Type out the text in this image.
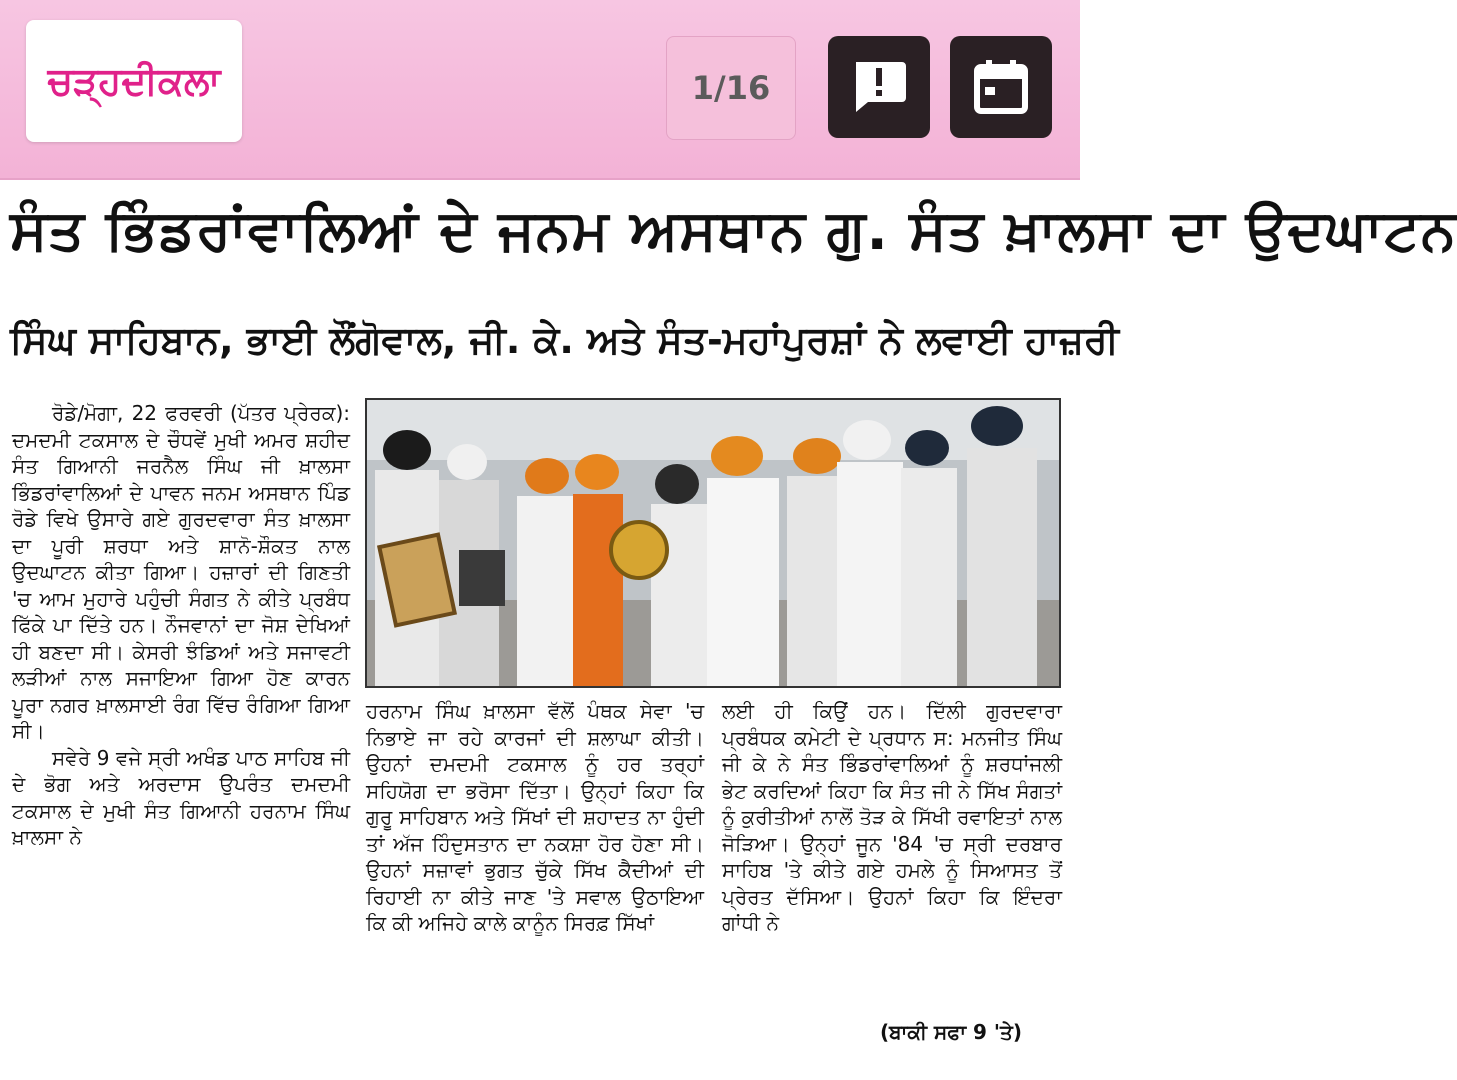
ਚੜ੍ਹਦੀਕਲਾ	1/16
ਸੰਤ ਭਿੰਡਰਾਂਵਾਲਿਆਂ ਦੇ ਜਨਮ ਅਸਥਾਨ ਗੁ. ਸੰਤ ਖ਼ਾਲਸਾ ਦਾ ਉਦਘਾਟਨ
ਸਿੰਘ ਸਾਹਿਬਾਨ, ਭਾਈ ਲੌਂਗੋਵਾਲ, ਜੀ. ਕੇ. ਅਤੇ ਸੰਤ-ਮਹਾਂਪੁਰਸ਼ਾਂ ਨੇ ਲਵਾਈ ਹਾਜ਼ਰੀ

ਰੋਡੇ/ਮੋਗਾ, 22 ਫਰਵਰੀ (ਪੱਤਰ ਪ੍ਰੇਰਕ): ਦਮਦਮੀ ਟਕਸਾਲ ਦੇ ਚੌਧਵੇਂ ਮੁਖੀ ਅਮਰ ਸ਼ਹੀਦ ਸੰਤ ਗਿਆਨੀ ਜਰਨੈਲ ਸਿੰਘ ਜੀ ਖ਼ਾਲਸਾ ਭਿੰਡਰਾਂਵਾਲਿਆਂ ਦੇ ਪਾਵਨ ਜਨਮ ਅਸਥਾਨ ਪਿੰਡ ਰੋਡੇ ਵਿਖੇ ਉਸਾਰੇ ਗਏ ਗੁਰਦਵਾਰਾ ਸੰਤ ਖ਼ਾਲਸਾ ਦਾ ਪੂਰੀ ਸ਼ਰਧਾ ਅਤੇ ਸ਼ਾਨੋ-ਸ਼ੌਕਤ ਨਾਲ ਉਦਘਾਟਨ ਕੀਤਾ ਗਿਆ। ਹਜ਼ਾਰਾਂ ਦੀ ਗਿਣਤੀ 'ਚ ਆਮ ਮੁਹਾਰੇ ਪਹੁੰਚੀ ਸੰਗਤ ਨੇ ਕੀਤੇ ਪ੍ਰਬੰਧ ਫਿੱਕੇ ਪਾ ਦਿੱਤੇ ਹਨ। ਨੌਜਵਾਨਾਂ ਦਾ ਜੋਸ਼ ਦੇਖਿਆਂ ਹੀ ਬਣਦਾ ਸੀ। ਕੇਸਰੀ ਝੰਡਿਆਂ ਅਤੇ ਸਜਾਵਟੀ ਲੜੀਆਂ ਨਾਲ ਸਜਾਇਆ ਗਿਆ ਹੋਣ ਕਾਰਨ ਪੂਰਾ ਨਗਰ ਖ਼ਾਲਸਾਈ ਰੰਗ ਵਿੱਚ ਰੰਗਿਆ ਗਿਆ ਸੀ।

ਸਵੇਰੇ 9 ਵਜੇ ਸ੍ਰੀ ਅਖੰਡ ਪਾਠ ਸਾਹਿਬ ਜੀ ਦੇ ਭੋਗ ਅਤੇ ਅਰਦਾਸ ਉਪਰੰਤ ਦਮਦਮੀ ਟਕਸਾਲ ਦੇ ਮੁਖੀ ਸੰਤ ਗਿਆਨੀ ਹਰਨਾਮ ਸਿੰਘ ਖ਼ਾਲਸਾ ਨੇ

ਹਰਨਾਮ ਸਿੰਘ ਖ਼ਾਲਸਾ ਵੱਲੋਂ ਪੰਥਕ ਸੇਵਾ 'ਚ ਨਿਭਾਏ ਜਾ ਰਹੇ ਕਾਰਜਾਂ ਦੀ ਸ਼ਲਾਘਾ ਕੀਤੀ। ਉਹਨਾਂ ਦਮਦਮੀ ਟਕਸਾਲ ਨੂੰ ਹਰ ਤਰ੍ਹਾਂ ਸਹਿਯੋਗ ਦਾ ਭਰੋਸਾ ਦਿੱਤਾ। ਉਨ੍ਹਾਂ ਕਿਹਾ ਕਿ ਗੁਰੂ ਸਾਹਿਬਾਨ ਅਤੇ ਸਿੱਖਾਂ ਦੀ ਸ਼ਹਾਦਤ ਨਾ ਹੁੰਦੀ ਤਾਂ ਅੱਜ ਹਿੰਦੁਸਤਾਨ ਦਾ ਨਕਸ਼ਾ ਹੋਰ ਹੋਣਾ ਸੀ। ਉਹਨਾਂ ਸਜ਼ਾਵਾਂ ਭੁਗਤ ਚੁੱਕੇ ਸਿੱਖ ਕੈਦੀਆਂ ਦੀ ਰਿਹਾਈ ਨਾ ਕੀਤੇ ਜਾਣ 'ਤੇ ਸਵਾਲ ਉਠਾਇਆ ਕਿ ਕੀ ਅਜਿਹੇ ਕਾਲੇ ਕਾਨੂੰਨ ਸਿਰਫ਼ ਸਿੱਖਾਂ

ਲਈ ਹੀ ਕਿਉਂ ਹਨ। ਦਿੱਲੀ ਗੁਰਦਵਾਰਾ ਪ੍ਰਬੰਧਕ ਕਮੇਟੀ ਦੇ ਪ੍ਰਧਾਨ ਸ: ਮਨਜੀਤ ਸਿੰਘ ਜੀ ਕੇ ਨੇ ਸੰਤ ਭਿੰਡਰਾਂਵਾਲਿਆਂ ਨੂੰ ਸ਼ਰਧਾਂਜਲੀ ਭੇਟ ਕਰਦਿਆਂ ਕਿਹਾ ਕਿ ਸੰਤ ਜੀ ਨੇ ਸਿੱਖ ਸੰਗਤਾਂ ਨੂੰ ਕੁਰੀਤੀਆਂ ਨਾਲੋਂ ਤੋੜ ਕੇ ਸਿੱਖੀ ਰਵਾਇਤਾਂ ਨਾਲ ਜੋੜਿਆ। ਉਨ੍ਹਾਂ ਜੂਨ '84 'ਚ ਸ੍ਰੀ ਦਰਬਾਰ ਸਾਹਿਬ 'ਤੇ ਕੀਤੇ ਗਏ ਹਮਲੇ ਨੂੰ ਸਿਆਸਤ ਤੋਂ ਪ੍ਰੇਰਤ ਦੱਸਿਆ। ਉਹਨਾਂ ਕਿਹਾ ਕਿ ਇੰਦਰਾ ਗਾਂਧੀ ਨੇ

(ਬਾਕੀ ਸਫਾ 9 'ਤੇ)
